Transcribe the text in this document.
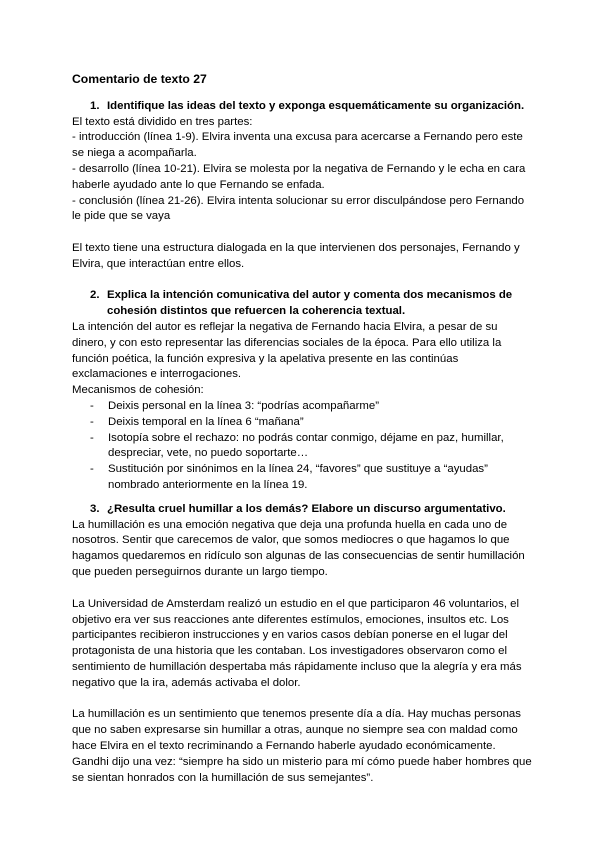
Comentario de texto 27
1. Identifique las ideas del texto y exponga esquemáticamente su organización.

El texto está dividido en tres partes:

- introducción (línea 1-9). Elvira inventa una excusa para acercarse a Fernando pero este se niega a acompañarla.

- desarrollo (línea 10-21). Elvira se molesta por la negativa de Fernando y le echa en cara haberle ayudado ante lo que Fernando se enfada.

- conclusión (línea 21-26). Elvira intenta solucionar su error disculpándose pero Fernando le pide que se vaya

El texto tiene una estructura dialogada en la que intervienen dos personajes, Fernando y Elvira, que interactúan entre ellos.

2. Explica la intención comunicativa del autor y comenta dos mecanismos de cohesión distintos que refuercen la coherencia textual.

La intención del autor es reflejar la negativa de Fernando hacia Elvira, a pesar de su dinero, y con esto representar las diferencias sociales de la época. Para ello utiliza la función poética, la función expresiva y la apelativa presente en las continúas exclamaciones e interrogaciones.

Mecanismos de cohesión:

- Deixis personal en la línea 3: “podrías acompañarme”
- Deixis temporal en la línea 6 “mañana”
- Isotopía sobre el rechazo: no podrás contar conmigo, déjame en paz, humillar, despreciar, vete, no puedo soportarte…
- Sustitución por sinónimos en la línea 24, “favores” que sustituye a “ayudas” nombrado anteriormente en la línea 19.
3. ¿Resulta cruel humillar a los demás? Elabore un discurso argumentativo.

La humillación es una emoción negativa que deja una profunda huella en cada uno de nosotros. Sentir que carecemos de valor, que somos mediocres o que hagamos lo que hagamos quedaremos en ridículo son algunas de las consecuencias de sentir humillación que pueden perseguirnos durante un largo tiempo.

La Universidad de Amsterdam realizó un estudio en el que participaron 46 voluntarios, el objetivo era ver sus reacciones ante diferentes estímulos, emociones, insultos etc. Los participantes recibieron instrucciones y en varios casos debían ponerse en el lugar del protagonista de una historia que les contaban. Los investigadores observaron como el sentimiento de humillación despertaba más rápidamente incluso que la alegría y era más negativo que la ira, además activaba el dolor.

La humillación es un sentimiento que tenemos presente día a día. Hay muchas personas que no saben expresarse sin humillar a otras, aunque no siempre sea con maldad como hace Elvira en el texto recriminando a Fernando haberle ayudado económicamente. Gandhi dijo una vez: “siempre ha sido un misterio para mí cómo puede haber hombres que se sientan honrados con la humillación de sus semejantes”.
